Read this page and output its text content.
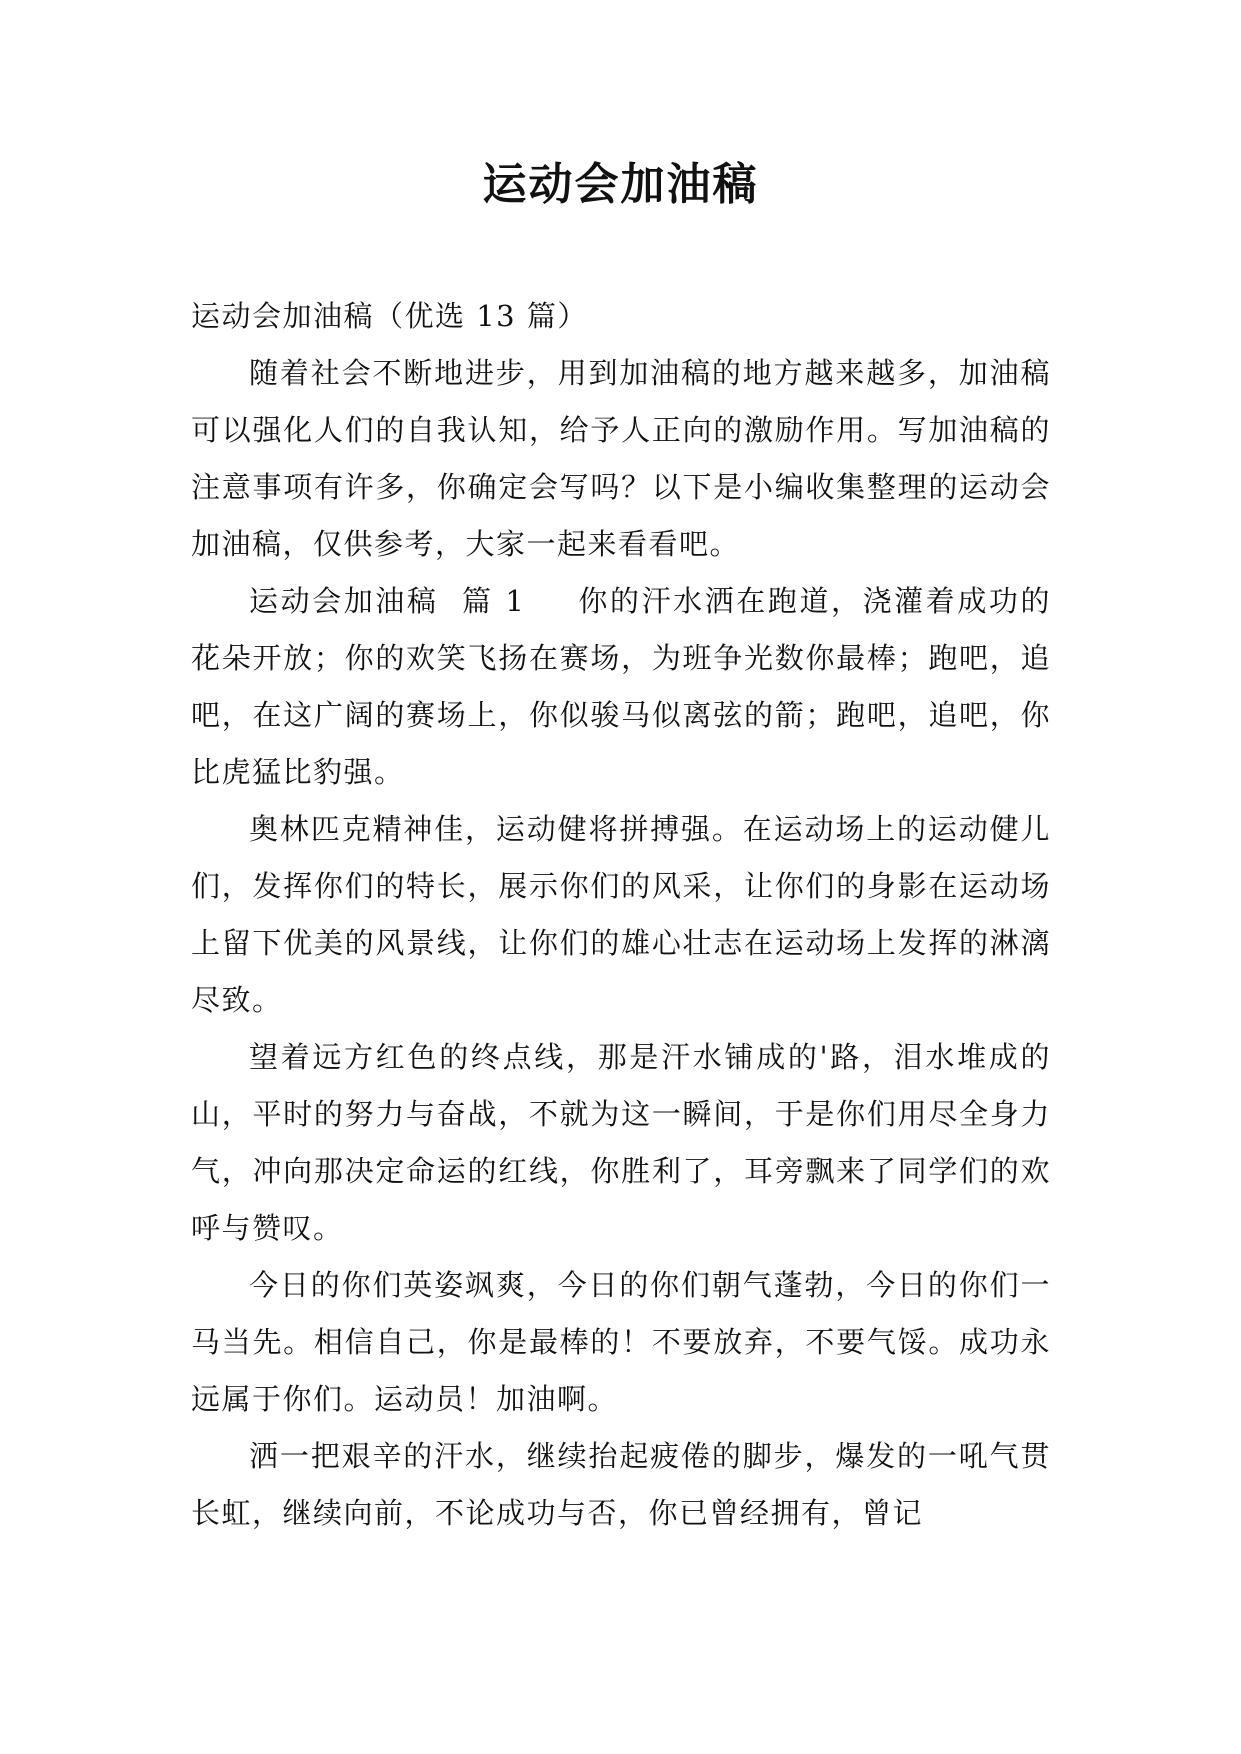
运动会加油稿

运动会加油稿（优选 13 篇）

随着社会不断地进步，用到加油稿的地方越来越多，加油稿可以强化人们的自我认知，给予人正向的激励作用。写加油稿的注意事项有许多，你确定会写吗？以下是小编收集整理的运动会加油稿，仅供参考，大家一起来看看吧。

运动会加油稿  篇 1 你的汗水洒在跑道，浇灌着成功的花朵开放；你的欢笑飞扬在赛场，为班争光数你最棒；跑吧，追吧，在这广阔的赛场上，你似骏马似离弦的箭；跑吧，追吧，你比虎猛比豹强。

奥林匹克精神佳，运动健将拼搏强。在运动场上的运动健儿们，发挥你们的特长，展示你们的风采，让你们的身影在运动场上留下优美的风景线，让你们的雄心壮志在运动场上发挥的淋漓尽致。

望着远方红色的终点线，那是汗水铺成的'路，泪水堆成的山，平时的努力与奋战，不就为这一瞬间，于是你们用尽全身力气，冲向那决定命运的红线，你胜利了，耳旁飘来了同学们的欢呼与赞叹。

今日的你们英姿飒爽，今日的你们朝气蓬勃，今日的你们一马当先。相信自己，你是最棒的！不要放弃，不要气馁。成功永远属于你们。运动员！加油啊。

洒一把艰辛的汗水，继续抬起疲倦的脚步，爆发的一吼气贯长虹，继续向前，不论成功与否，你已曾经拥有，曾记
